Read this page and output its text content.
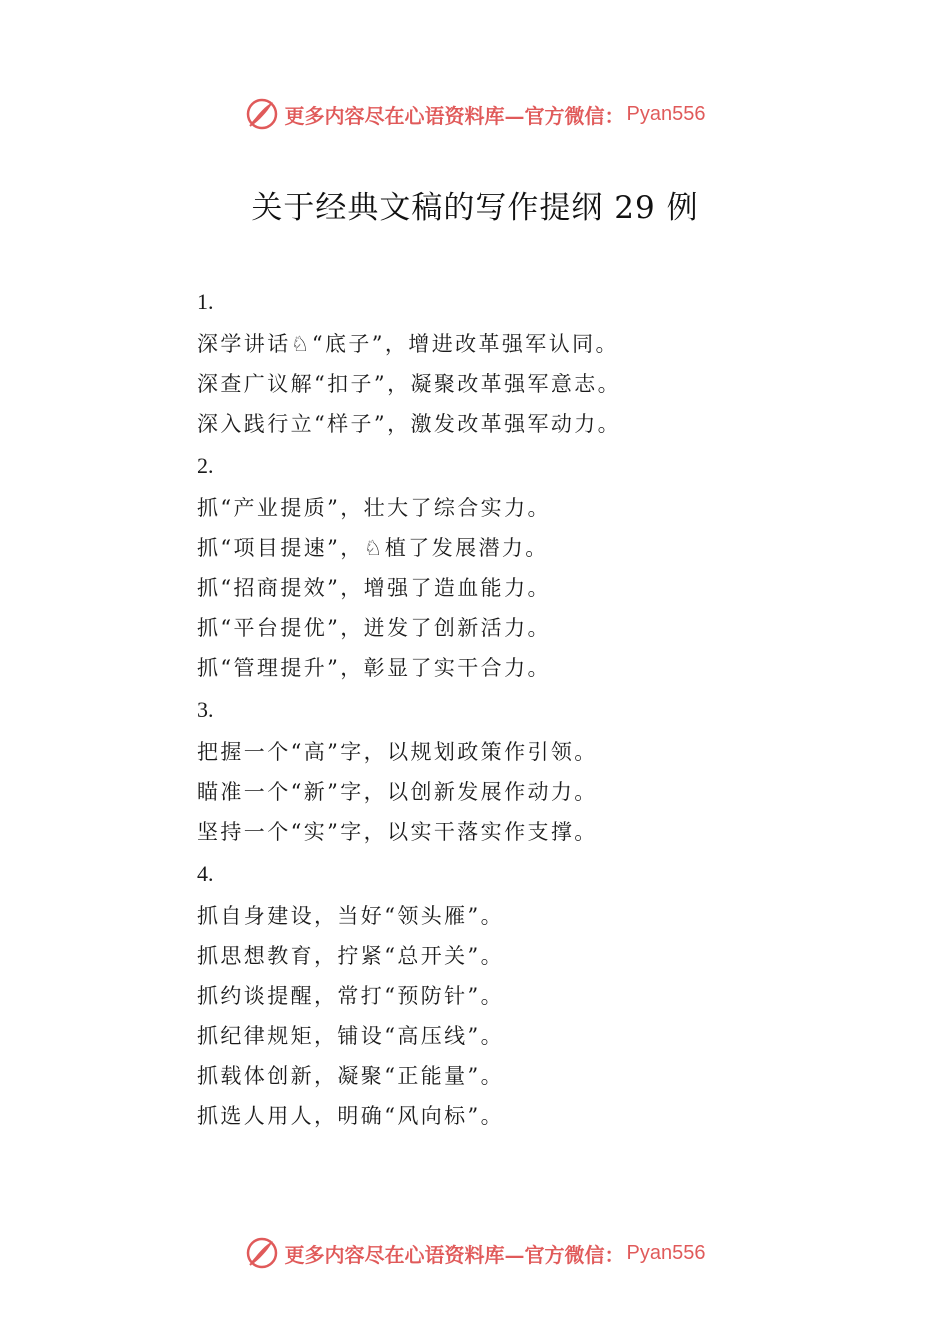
更多内容尽在心语资料库—官方微信： Pyan556
关于经典文稿的写作提纲 29 例
1.
深学讲话♘“底子”，增进改革强军认同。
深查广议解“扣子”，凝聚改革强军意志。
深入践行立“样子”，激发改革强军动力。
2.
抓“产业提质”，壮大了综合实力。
抓“项目提速”，♘植了发展潜力。
抓“招商提效”，增强了造血能力。
抓“平台提优”，迸发了创新活力。
抓“管理提升”，彰显了实干合力。
3.
把握一个“高”字，以规划政策作引领。
瞄准一个“新”字，以创新发展作动力。
坚持一个“实”字，以实干落实作支撑。
4.
抓自身建设，当好“领头雁”。
抓思想教育，拧紧“总开关”。
抓约谈提醒，常打“预防针”。
抓纪律规矩，铺设“高压线”。
抓载体创新，凝聚“正能量”。
抓选人用人，明确“风向标”。
更多内容尽在心语资料库—官方微信： Pyan556
